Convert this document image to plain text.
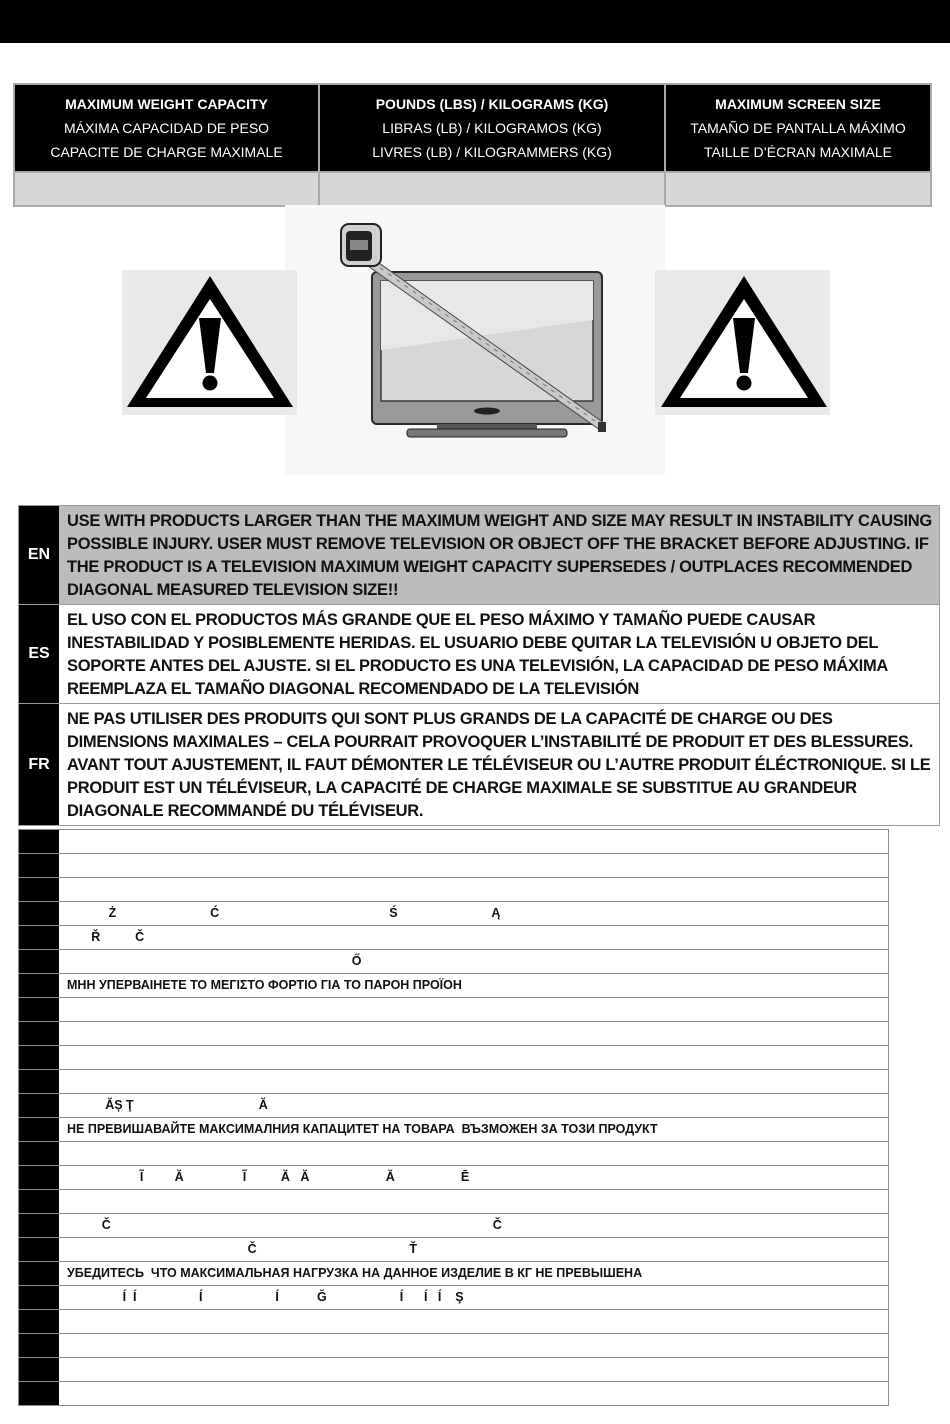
MAXIMUM WEIGHT CAPACITY
MÁXIMA CAPACIDAD DE PESO
CAPACITE DE CHARGE MAXIMALE
POUNDS (LBS) / KILOGRAMS (KG)
LIBRAS (LB) / KILOGRAMOS (KG)
LIVRES (LB) / KILOGRAMMERS (KG)
MAXIMUM SCREEN SIZE
TAMAÑO DE PANTALLA MÁXIMO
TAILLE D’ÉCRAN MAXIMALE
EN
USE WITH PRODUCTS LARGER THAN THE MAXIMUM WEIGHT AND SIZE MAY RESULT IN INSTABILITY CAUSING POSSIBLE INJURY. USER MUST REMOVE TELEVISION OR OBJECT OFF THE BRACKET BEFORE ADJUSTING. IF THE PRODUCT IS A TELEVISION MAXIMUM WEIGHT CAPACITY SUPERSEDES / OUTPLACES RECOMMENDED DIAGONAL MEASURED TELEVISION SIZE!!
ES
EL USO CON EL PRODUCTOS MÁS GRANDE QUE EL PESO MÁXIMO Y TAMAÑO PUEDE CAUSAR INESTABILIDAD Y POSIBLEMENTE HERIDAS. EL USUARIO DEBE QUITAR LA TELEVISIÓN U OBJETO DEL SOPORTE ANTES DEL AJUSTE. SI EL PRODUCTO ES UNA TELEVISIÓN, LA CAPACIDAD DE PESO MÁXIMA REEMPLAZA EL TAMAÑO DIAGONAL RECOMENDADO DE LA TELEVISIÓN
FR
NE PAS UTILISER DES PRODUITS QUI SONT PLUS GRANDS DE LA CAPACITÉ DE CHARGE OU DES DIMENSIONS MAXIMALES – CELA POURRAIT PROVOQUER L’INSTABILITÉ DE PRODUIT ET DES BLESSURES. AVANT TOUT AJUSTEMENT, IL FAUT DÉMONTER LE TÉLÉVISEUR OU L’AUTRE PRODUIT ÉLÉCTRONIQUE. SI LE PRODUIT EST UN TÉLÉVISEUR, LA CAPACITÉ DE CHARGE MAXIMALE SE SUBSTITUE AU GRANDEUR DIAGONALE RECOMMANDÉ DU TÉLÉVISEUR.
Ż                           Ć                                                 Ś                           Ą
Ř          Č
Ő
МНН УПЕРВАІНЕТЕ ТО МЕГІΣТО ФОРТІО ГІА ТО ПАРОН ПРОЇОН
ĂȘ Ţ                                    Ă
НЕ ПРЕВИШАВАЙТЕ МАКСИМАЛНИЯ КАПАЦИТЕТ НА ТОВАРА  ВЪЗМОЖЕН ЗА ТОЗИ ПРОДУКТ
Ĩ         Ă                 Ĩ          Ă   Ă                      Ă                   Ē
Č                                                                                                              Č
Č                                            Ť
УБЕДИТЕСЬ  ЧТО МАКСИМАЛЬНАЯ НАГРУЗКА НА ДАННОЕ ИЗДЕЛИЕ В КГ НЕ ПРЕВЫШЕНА
Í  Í                  Í                     Í           Ğ                     Í      Í   Í    Ş
